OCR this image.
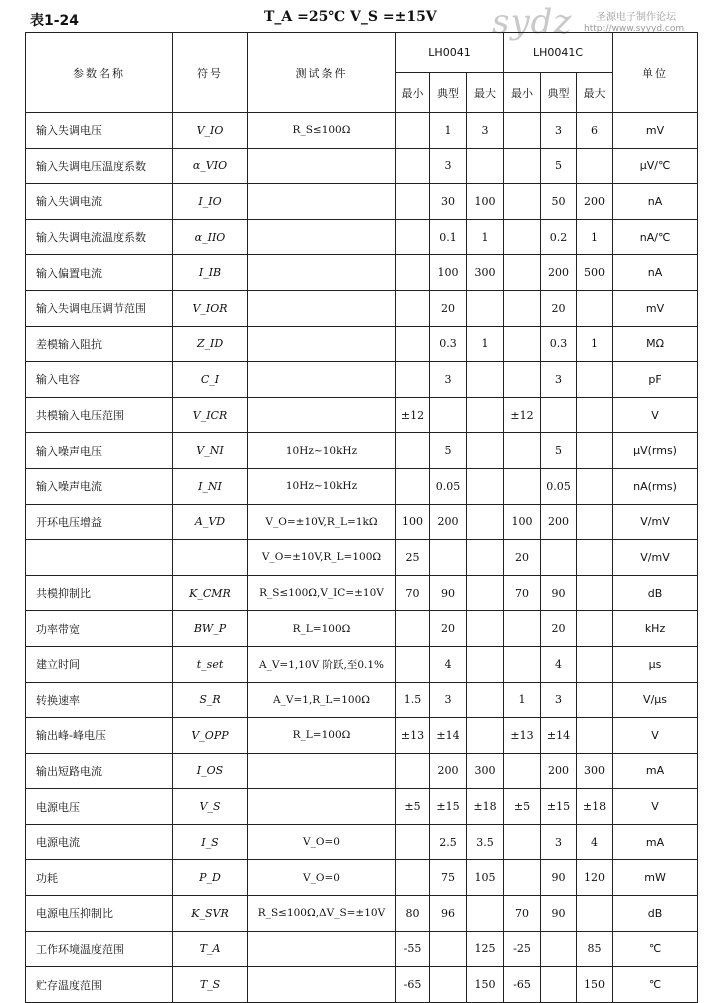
表1-24	T_A =25℃ V_S =±15V sydz 圣源电子制作论坛
http://www.syyyd.com
参数名称	符号	测试条件	LH0041			LH0041C			单位
			最小	典型	最大	最小	典型	最大	
输入失调电压	V_IO	R_S≤100Ω		1	3		3	6	mV
输入失调电压温度系数	α_VIO			3			5		μV/℃
输入失调电流	I_IO			30	100		50	200	nA
输入失调电流温度系数	α_IIO			0.1	1		0.2	1	nA/℃
输入偏置电流	I_IB			100	300		200	500	nA
输入失调电压调节范围	V_IOR			20			20		mV
差模输入阻抗	Z_ID			0.3	1		0.3	1	MΩ
输入电容	C_I			3			3		pF
共模输入电压范围	V_ICR		±12			±12			V
输入噪声电压	V_NI	10Hz~10kHz		5			5		μV(rms)
输入噪声电流	I_NI	10Hz~10kHz		0.05			0.05		nA(rms)
开环电压增益	A_VD	V_O=±10V,R_L=1kΩ	100	200		100	200		V/mV
		V_O=±10V,R_L=100Ω	25			20			V/mV
共模抑制比	K_CMR	R_S≤100Ω,V_IC=±10V	70	90		70	90		dB
功率带宽	BW_P	R_L=100Ω		20			20		kHz
建立时间	t_set	A_V=1,10V 阶跃,至0.1%		4			4		μs
转换速率	S_R	A_V=1,R_L=100Ω	1.5	3		1	3		V/μs
输出峰-峰电压	V_OPP	R_L=100Ω	±13	±14		±13	±14		V
输出短路电流	I_OS			200	300		200	300	mA
电源电压	V_S		±5	±15	±18	±5	±15	±18	V
电源电流	I_S	V_O=0		2.5	3.5		3	4	mA
功耗	P_D	V_O=0		75	105		90	120	mW
电源电压抑制比	K_SVR	R_S≤100Ω,ΔV_S=±10V	80	96		70	90		dB
工作环境温度范围	T_A		-55		125	-25		85	℃
贮存温度范围	T_S		-65		150	-65		150	℃
